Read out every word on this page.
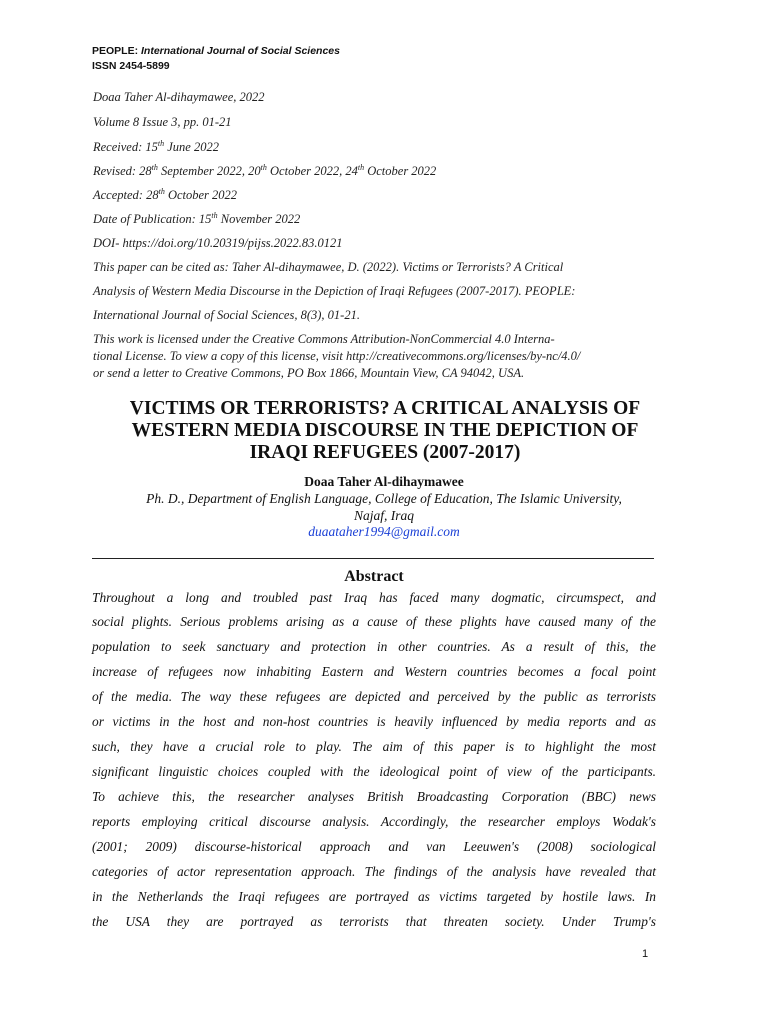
PEOPLE: International Journal of Social Sciences
ISSN 2454-5899
Doaa Taher Al-dihaymawee, 2022
Volume 8 Issue 3, pp. 01-21
Received: 15th June 2022
Revised: 28th September 2022, 20th October 2022, 24th October 2022
Accepted: 28th October 2022
Date of Publication: 15th November 2022
DOI- https://doi.org/10.20319/pijss.2022.83.0121
This paper can be cited as: Taher Al-dihaymawee, D. (2022). Victims or Terrorists? A Critical
Analysis of Western Media Discourse in the Depiction of Iraqi Refugees (2007-2017). PEOPLE:
International Journal of Social Sciences, 8(3), 01-21.
This work is licensed under the Creative Commons Attribution-NonCommercial 4.0 Interna-
tional License. To view a copy of this license, visit http://creativecommons.org/licenses/by-nc/4.0/
or send a letter to Creative Commons, PO Box 1866, Mountain View, CA 94042, USA.
VICTIMS OR TERRORISTS? A CRITICAL ANALYSIS OF
WESTERN MEDIA DISCOURSE IN THE DEPICTION OF
IRAQI REFUGEES (2007-2017)
Doaa Taher Al-dihaymawee
Ph. D., Department of English Language, College of Education, The Islamic University,
Najaf, Iraq
duaataher1994@gmail.com
Abstract
Throughout a long and troubled past Iraq has faced many dogmatic, circumspect, and
social plights. Serious problems arising as a cause of these plights have caused many of the
population to seek sanctuary and protection in other countries. As a result of this, the
increase of refugees now inhabiting Eastern and Western countries becomes a focal point
of the media. The way these refugees are depicted and perceived by the public as terrorists
or victims in the host and non-host countries is heavily influenced by media reports and as
such, they have a crucial role to play. The aim of this paper is to highlight the most
significant linguistic choices coupled with the ideological point of view of the participants.
To achieve this, the researcher analyses British Broadcasting Corporation (BBC) news
reports employing critical discourse analysis. Accordingly, the researcher employs Wodak's
(2001; 2009) discourse-historical approach and van Leeuwen's (2008) sociological
categories of actor representation approach. The findings of the analysis have revealed that
in the Netherlands the Iraqi refugees are portrayed as victims targeted by hostile laws. In
the USA they are portrayed as terrorists that threaten society. Under Trump's
1
